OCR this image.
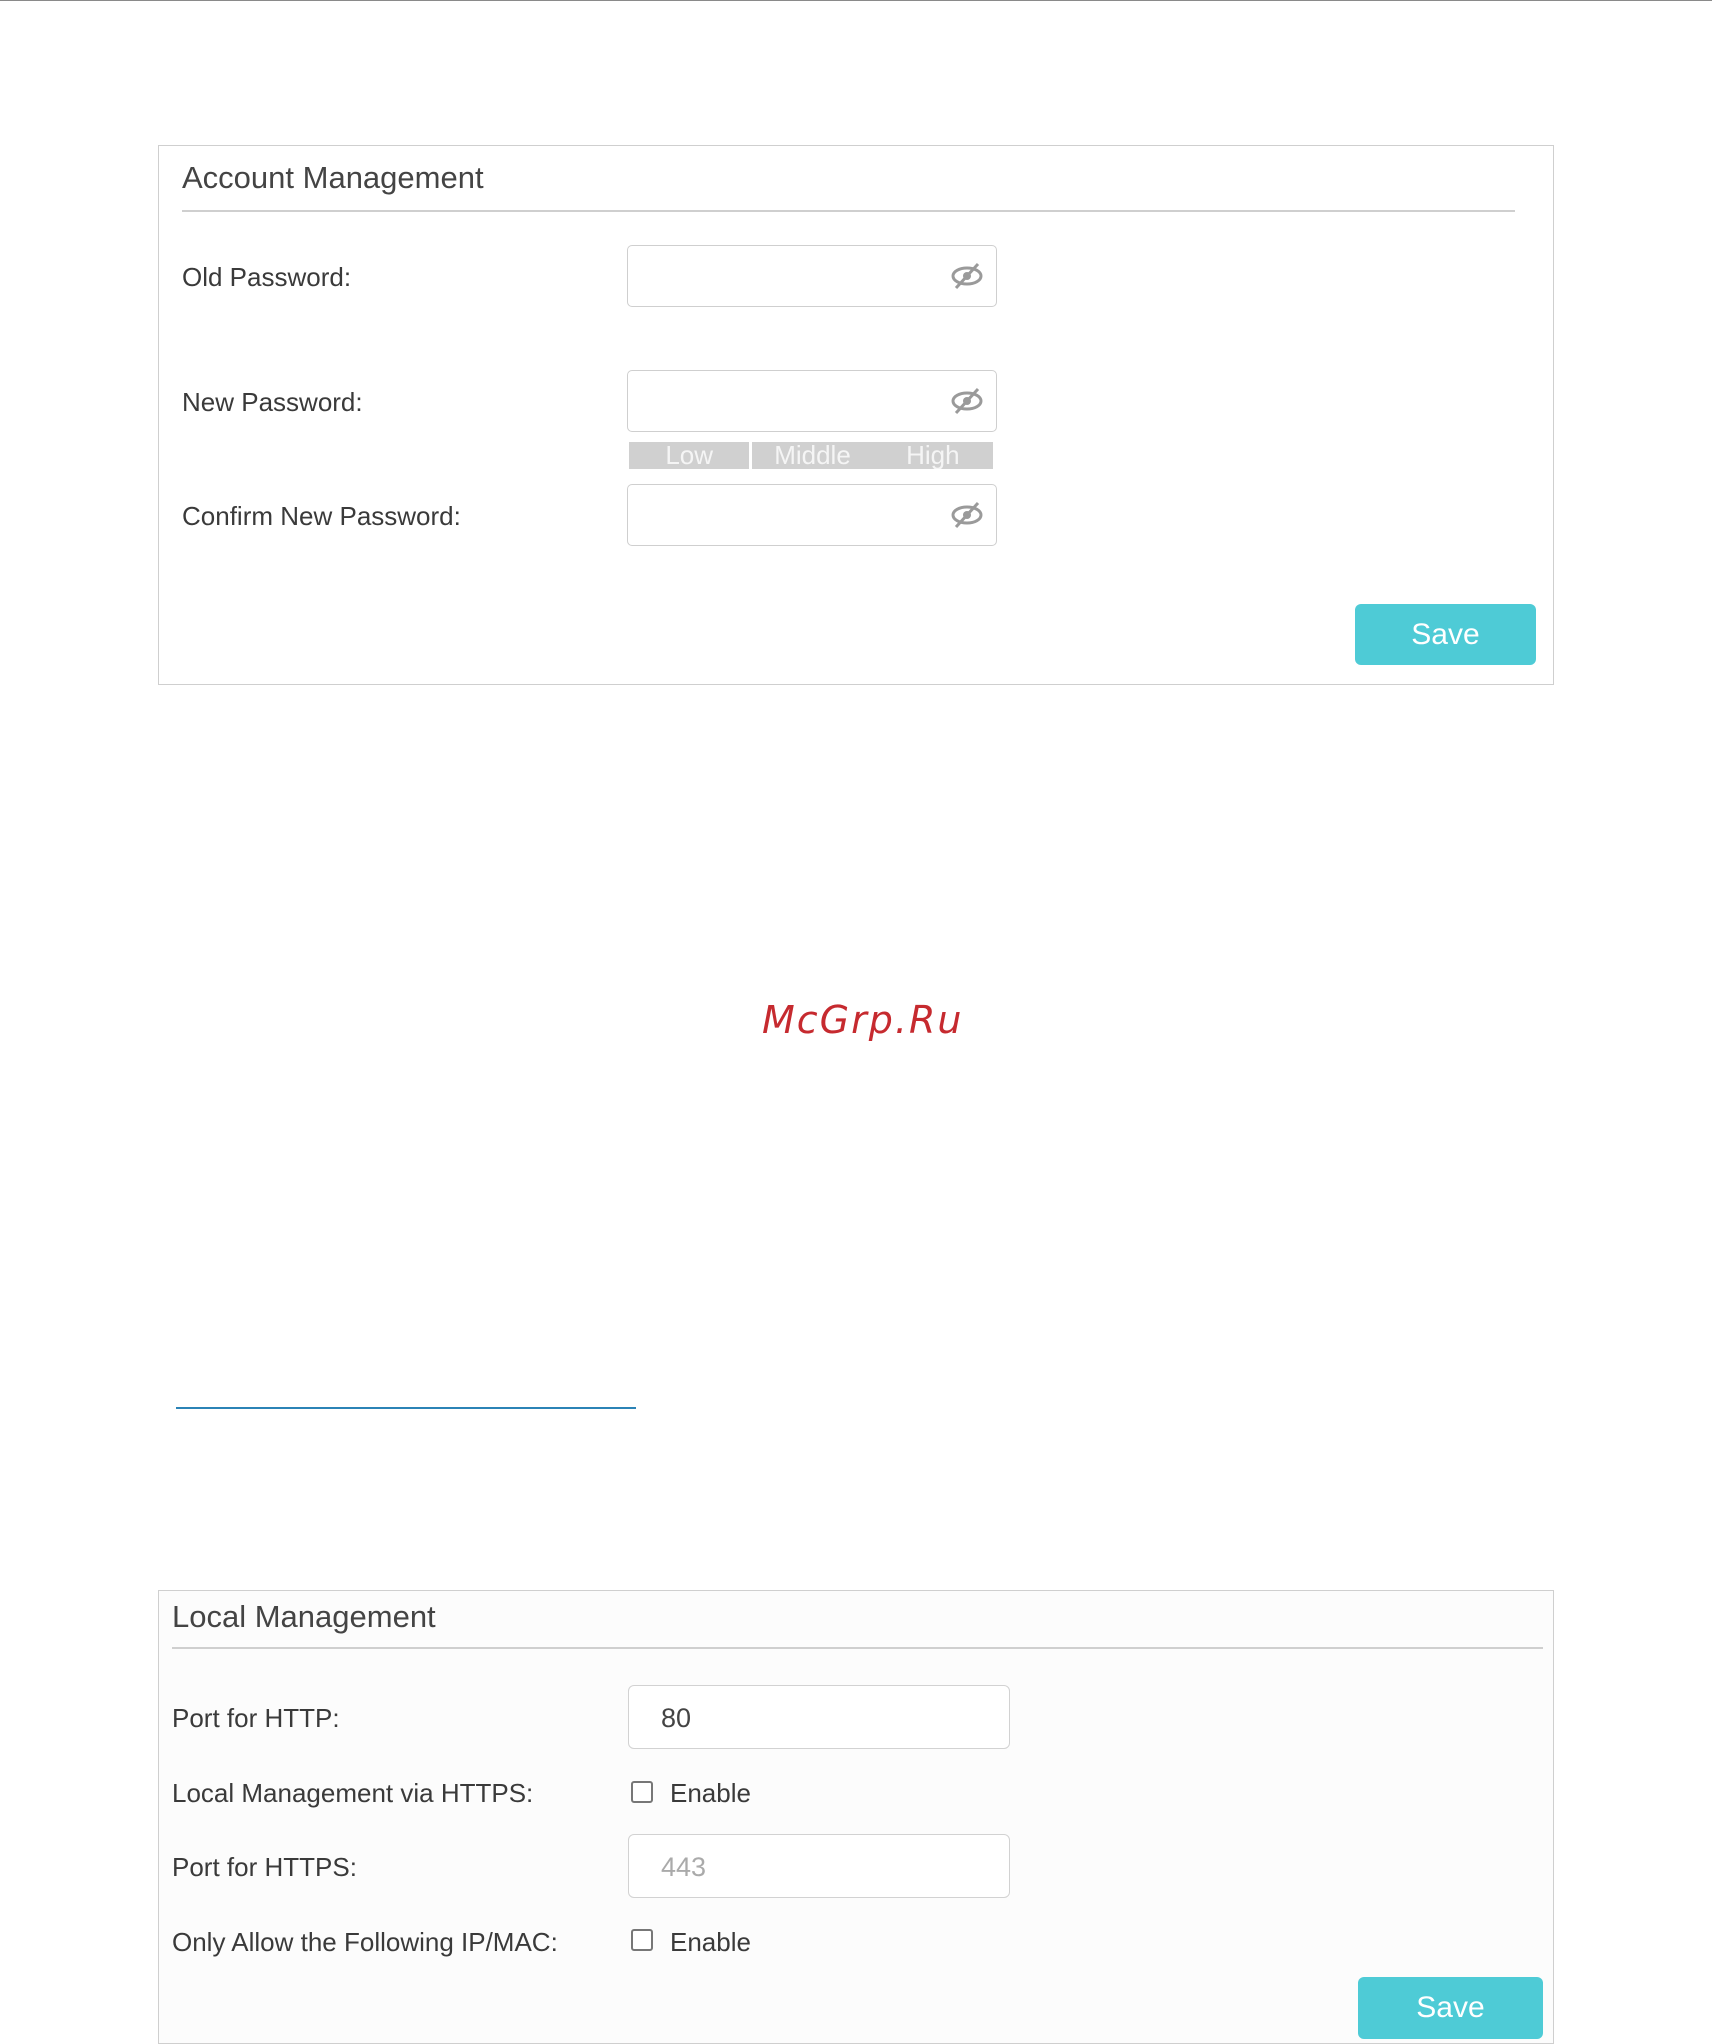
Account Management
Old Password:
New Password:
Low	Middle	High
Confirm New Password:
Save
McGrp.Ru
Local Management
Port for HTTP:
80
Local Management via HTTPS:	Enable
Port for HTTPS:
443
Only Allow the Following IP/MAC:	Enable
Save
